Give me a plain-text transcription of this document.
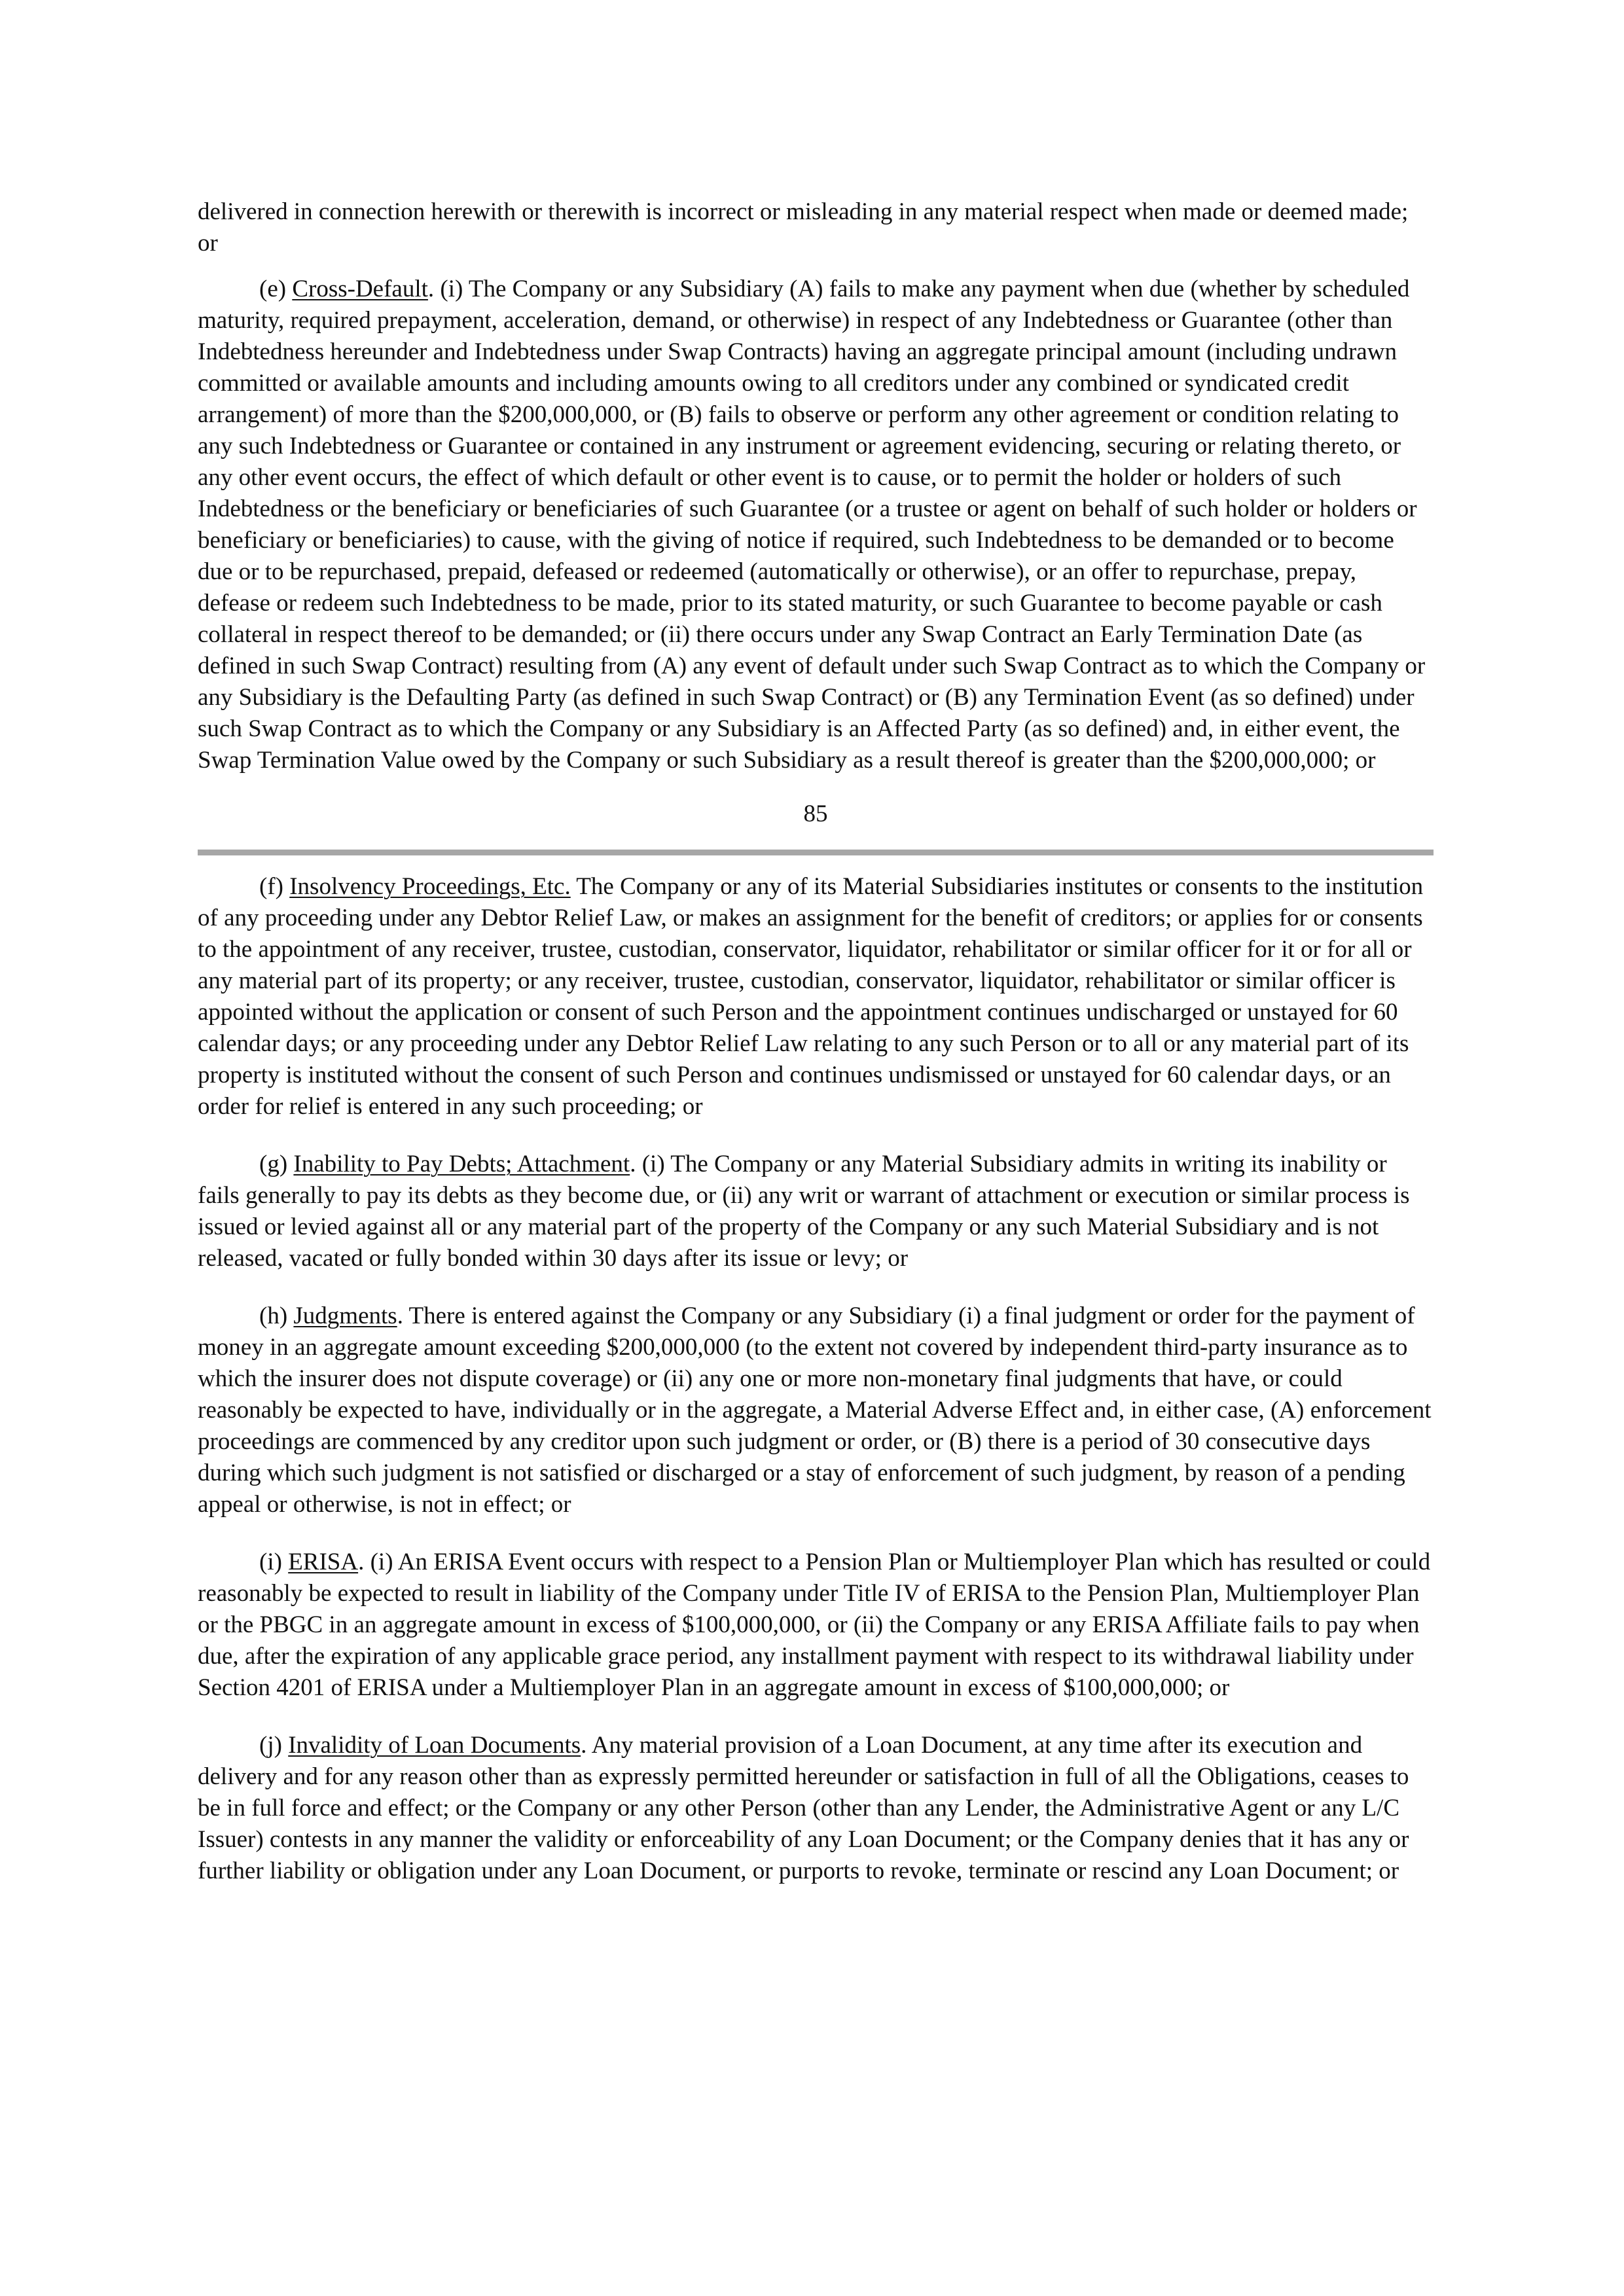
delivered in connection herewith or therewith is incorrect or misleading in any material respect when made or deemed made; or

(e) Cross-Default. (i) The Company or any Subsidiary (A) fails to make any payment when due (whether by scheduled maturity, required prepayment, acceleration, demand, or otherwise) in respect of any Indebtedness or Guarantee (other than Indebtedness hereunder and Indebtedness under Swap Contracts) having an aggregate principal amount (including undrawn committed or available amounts and including amounts owing to all creditors under any combined or syndicated credit arrangement) of more than the $200,000,000, or (B) fails to observe or perform any other agreement or condition relating to any such Indebtedness or Guarantee or contained in any instrument or agreement evidencing, securing or relating thereto, or any other event occurs, the effect of which default or other event is to cause, or to permit the holder or holders of such Indebtedness or the beneficiary or beneficiaries of such Guarantee (or a trustee or agent on behalf of such holder or holders or beneficiary or beneficiaries) to cause, with the giving of notice if required, such Indebtedness to be demanded or to become due or to be repurchased, prepaid, defeased or redeemed (automatically or otherwise), or an offer to repurchase, prepay, defease or redeem such Indebtedness to be made, prior to its stated maturity, or such Guarantee to become payable or cash collateral in respect thereof to be demanded; or (ii) there occurs under any Swap Contract an Early Termination Date (as defined in such Swap Contract) resulting from (A) any event of default under such Swap Contract as to which the Company or any Subsidiary is the Defaulting Party (as defined in such Swap Contract) or (B) any Termination Event (as so defined) under such Swap Contract as to which the Company or any Subsidiary is an Affected Party (as so defined) and, in either event, the Swap Termination Value owed by the Company or such Subsidiary as a result thereof is greater than the $200,000,000; or

85

(f) Insolvency Proceedings, Etc. The Company or any of its Material Subsidiaries institutes or consents to the institution of any proceeding under any Debtor Relief Law, or makes an assignment for the benefit of creditors; or applies for or consents to the appointment of any receiver, trustee, custodian, conservator, liquidator, rehabilitator or similar officer for it or for all or any material part of its property; or any receiver, trustee, custodian, conservator, liquidator, rehabilitator or similar officer is appointed without the application or consent of such Person and the appointment continues undischarged or unstayed for 60 calendar days; or any proceeding under any Debtor Relief Law relating to any such Person or to all or any material part of its property is instituted without the consent of such Person and continues undismissed or unstayed for 60 calendar days, or an order for relief is entered in any such proceeding; or

(g) Inability to Pay Debts; Attachment. (i) The Company or any Material Subsidiary admits in writing its inability or fails generally to pay its debts as they become due, or (ii) any writ or warrant of attachment or execution or similar process is issued or levied against all or any material part of the property of the Company or any such Material Subsidiary and is not released, vacated or fully bonded within 30 days after its issue or levy; or

(h) Judgments. There is entered against the Company or any Subsidiary (i) a final judgment or order for the payment of money in an aggregate amount exceeding $200,000,000 (to the extent not covered by independent third-party insurance as to which the insurer does not dispute coverage) or (ii) any one or more non-monetary final judgments that have, or could reasonably be expected to have, individually or in the aggregate, a Material Adverse Effect and, in either case, (A) enforcement proceedings are commenced by any creditor upon such judgment or order, or (B) there is a period of 30 consecutive days during which such judgment is not satisfied or discharged or a stay of enforcement of such judgment, by reason of a pending appeal or otherwise, is not in effect; or

(i) ERISA. (i) An ERISA Event occurs with respect to a Pension Plan or Multiemployer Plan which has resulted or could reasonably be expected to result in liability of the Company under Title IV of ERISA to the Pension Plan, Multiemployer Plan or the PBGC in an aggregate amount in excess of $100,000,000, or (ii) the Company or any ERISA Affiliate fails to pay when due, after the expiration of any applicable grace period, any installment payment with respect to its withdrawal liability under Section 4201 of ERISA under a Multiemployer Plan in an aggregate amount in excess of $100,000,000; or

(j) Invalidity of Loan Documents. Any material provision of a Loan Document, at any time after its execution and delivery and for any reason other than as expressly permitted hereunder or satisfaction in full of all the Obligations, ceases to be in full force and effect; or the Company or any other Person (other than any Lender, the Administrative Agent or any L/C Issuer) contests in any manner the validity or enforceability of any Loan Document; or the Company denies that it has any or further liability or obligation under any Loan Document, or purports to revoke, terminate or rescind any Loan Document; or
